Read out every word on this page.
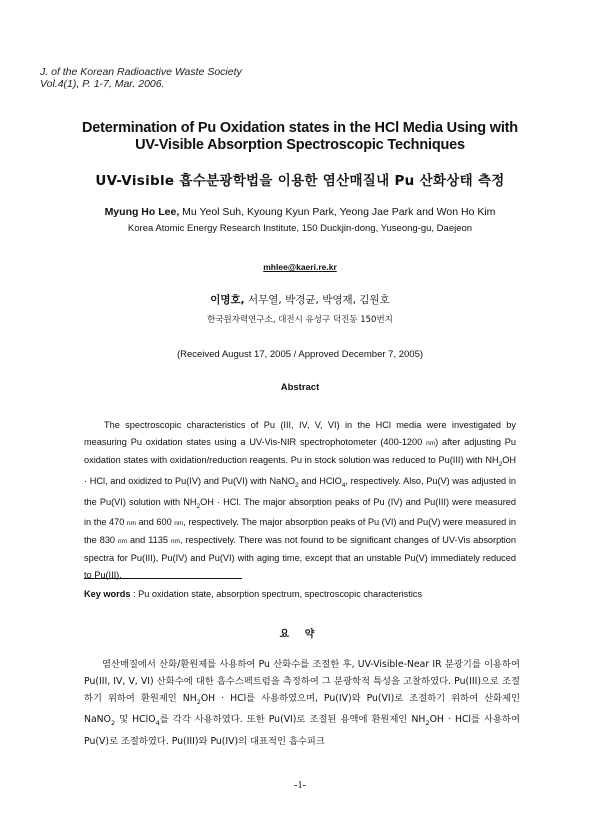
J. of the Korean Radioactive Waste Society
Vol.4(1), P. 1-7, Mar. 2006.
Determination of Pu Oxidation states in the HCl Media Using with
UV-Visible Absorption Spectroscopic Techniques
UV-Visible 흡수분광학법을 이용한 염산매질내 Pu 산화상태 측정
Myung Ho Lee, Mu Yeol Suh, Kyoung Kyun Park, Yeong Jae Park and Won Ho Kim
Korea Atomic Energy Research Institute, 150 Duckjin-dong, Yuseong-gu, Daejeon
mhlee@kaeri.re.kr
이명호, 서무열, 박경균, 박영재, 김원호
한국원자력연구소, 대전시 유성구 덕진동 150번지
(Received August 17, 2005 / Approved December 7, 2005)
Abstract

The spectroscopic characteristics of Pu (III, IV, V, VI) in the HCl media were investigated by measuring Pu oxidation states using a UV-Vis-NIR spectrophotometer (400-1200 nm) after adjusting Pu oxidation states with oxidation/reduction reagents. Pu in stock solution was reduced to Pu(III) with $NH_2OH$ · HCl, and oxidized to Pu(IV) and Pu(VI) with NaNO$_2$ and HClO$_4$, respectively. Also, Pu(V) was adjusted in the Pu(VI) solution with $NH_2OH$ · HCl. The major absorption peaks of Pu (IV) and Pu(III) were measured in the 470 nm and 600 nm, respectively. The major absorption peaks of Pu (VI) and Pu(V) were measured in the 830 nm and 1135 nm, respectively. There was not found to be significant changes of UV-Vis absorption spectra for Pu(III), Pu(IV) and Pu(VI) with aging time, except that an unstable Pu(V) immediately reduced to Pu(III).

Key words : Pu oxidation state, absorption spectrum, spectroscopic characteristics
요 약

염산매질에서 산화/환원제를 사용하여 Pu 산화수를 조절한 후, UV-Visible-Near IR 분광기를 이용하여 Pu(III, IV, V, VI) 산화수에 대한 흡수스펙트럼을 측정하여 그 분광학적 특성을 고찰하였다. Pu(III)으로 조절하기 위하여 환원제인 $NH_2OH$ · HCl를 사용하였으며, Pu(IV)와 Pu(VI)로 조절하기 위하여 산화제인 NaNO$_2$ 및 HClO$_4$를 각각 사용하였다. 또한 Pu(VI)로 조절된 용액에 환원제인 $NH_2OH$ · HCl를 사용하여 Pu(V)로 조절하였다. Pu(III)와 Pu(IV)의 대표적인 흡수피크

-1-
